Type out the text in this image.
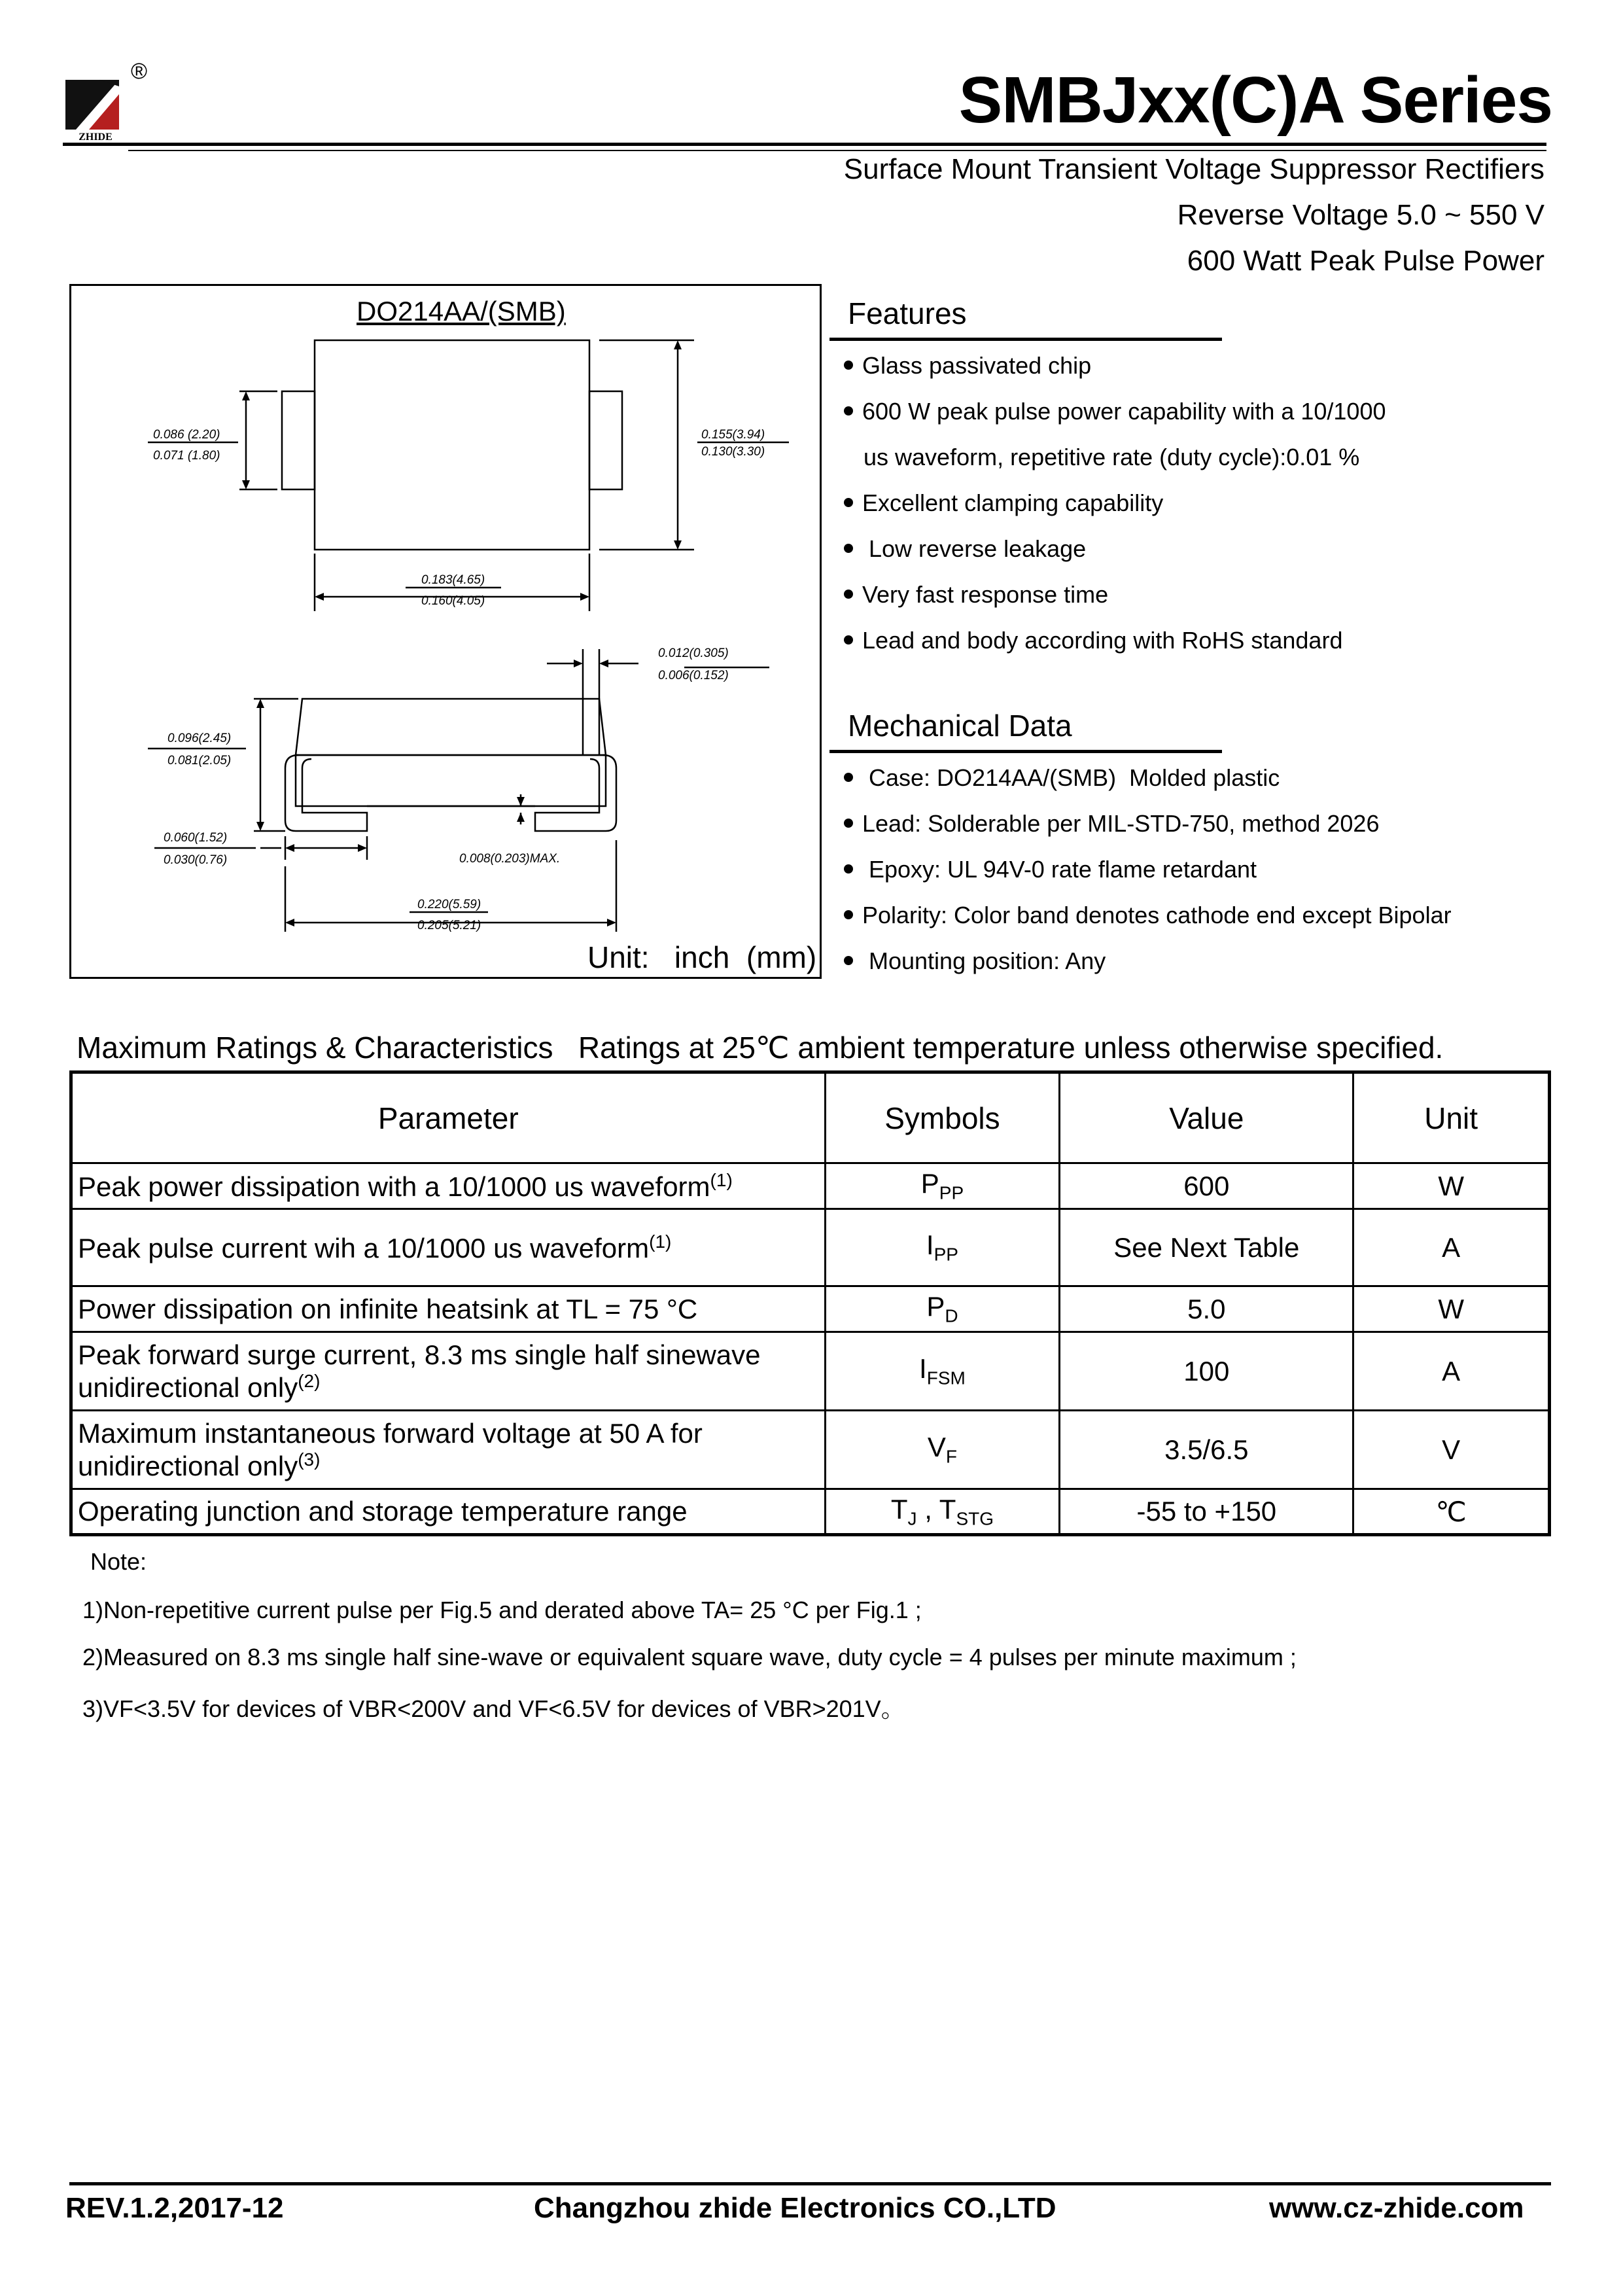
ZHIDE
®	SMBJxx(C)A Series
Surface Mount Transient Voltage Suppressor Rectifiers
Reverse Voltage 5.0 ~ 550 V
600 Watt Peak Pulse Power
DO214AA/(SMB)
0.086 (2.20)
0.071 (1.80)
0.155(3.94)
0.130(3.30)
0.183(4.65)
0.160(4.05)
0.012(0.305)
0.006(0.152)
0.096(2.45)
0.081(2.05)
0.060(1.52)
0.030(0.76)	0.008(0.203)MAX.
0.220(5.59)
0.205(5.21)
Unit:   inch  (mm)
Features
Glass passivated chip
600 W peak pulse power capability with a 10/1000
us waveform, repetitive rate (duty cycle):0.01 %
Excellent clamping capability
Low reverse leakage
Very fast response time
Lead and body according with RoHS standard
Mechanical Data
Case: DO214AA/(SMB)  Molded plastic
Lead: Solderable per MIL-STD-750, method 2026
Epoxy: UL 94V-0 rate flame retardant
Polarity: Color band denotes cathode end except Bipolar
Mounting position: Any
Maximum Ratings & Characteristics   Ratings at 25℃ ambient temperature unless otherwise specified.
Parameter	Symbols	Value	Unit
Peak power dissipation with a 10/1000 us waveform$^{(1)}$	$P_{PP}$	600	W
Peak pulse current wih a 10/1000 us waveform$^{(1)}$	$I_{PP}$	See Next Table	A
Power dissipation on infinite heatsink at TL = 75 °C	$P_D$	5.0	W

Peak forward surge current, 8.3 ms single half sinewave
unidirectional only$^{(2)}$	$I_{FSM}$	100	A

Maximum instantaneous forward voltage at 50 A for
unidirectional only$^{(3)}$	$V_F$	3.5/6.5	V
Operating junction and storage temperature range	$T_J$ , $T_{STG}$	-55 to +150	℃
Note:
1)Non-repetitive current pulse per Fig.5 and derated above TA= 25 °C per Fig.1 ;
2)Measured on 8.3 ms single half sine-wave or equivalent square wave, duty cycle = 4 pulses per minute maximum ;
3)VF<3.5V for devices of VBR<200V and VF<6.5V for devices of VBR>201V。
REV.1.2,2017-12	Changzhou zhide Electronics CO.,LTD	www.cz-zhide.com
